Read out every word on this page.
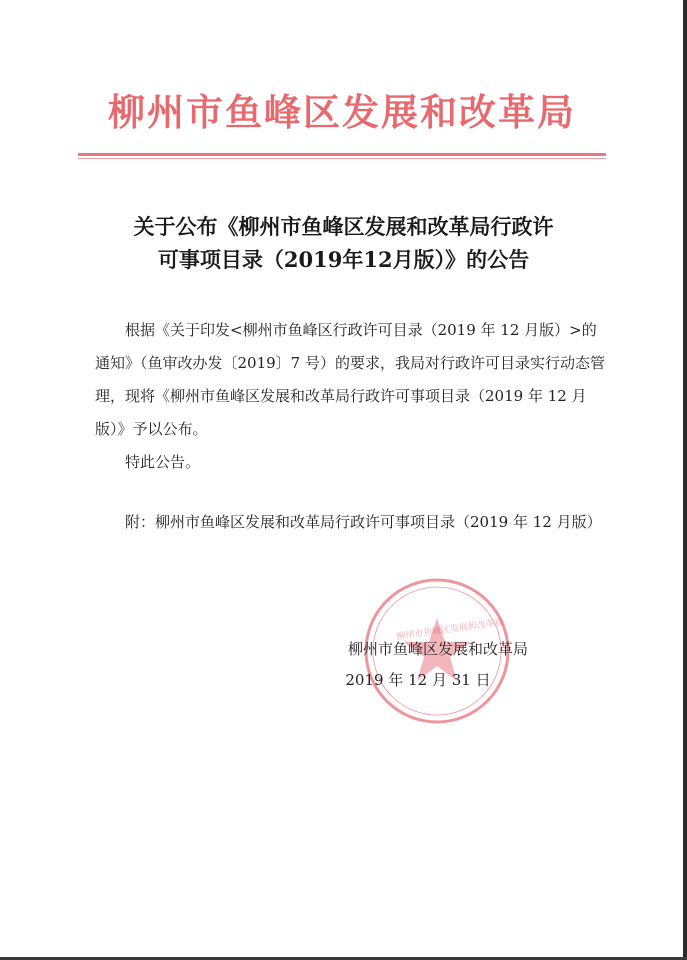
柳州市鱼峰区发展和改革局
关于公布《柳州市鱼峰区发展和改革局行政许
可事项目录（2019年12月版）》的公告
根据《关于印发<柳州市鱼峰区行政许可目录（2019 年 12 月版）>的通知》（鱼审改办发〔2019〕7 号）的要求，我局对行政许可目录实行动态管理，现将《柳州市鱼峰区发展和改革局行政许可事项目录（2019 年 12 月版）》予以公布。
特此公告。
附：柳州市鱼峰区发展和改革局行政许可事项目录（2019 年 12 月版）
柳州市鱼峰区发展和改革局
柳州市鱼峰区发展和改革局
2019 年 12 月 31 日
